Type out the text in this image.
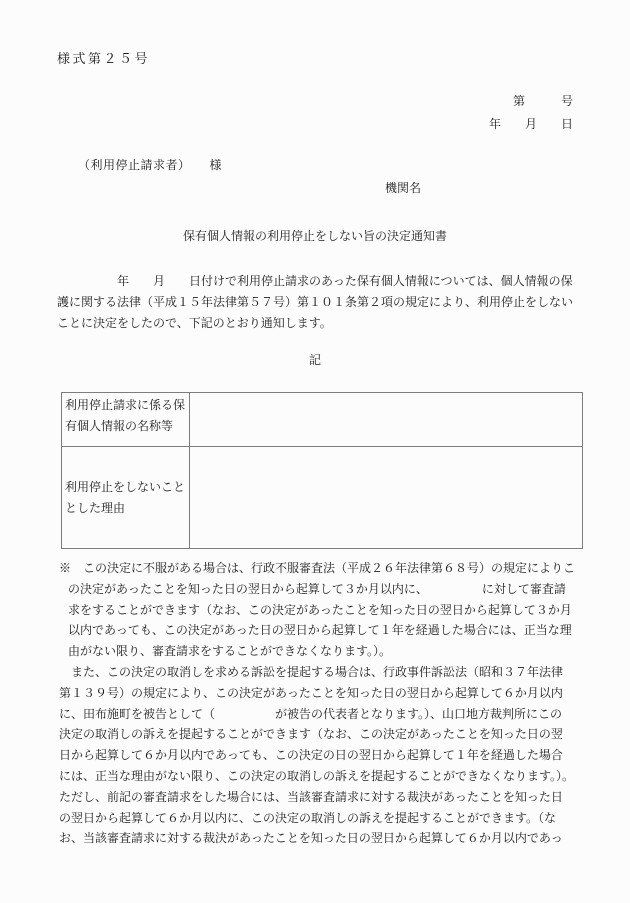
様式第２５号
第　　　号
年　　月　　日
（利用停止請求者）　　様
機関名
保有個人情報の利用停止をしない旨の決定通知書
　　　　　年　　月　　日付けで利用停止請求のあった保有個人情報については、個人情報の保
護に関する法律（平成１５年法律第５７号）第１０１条第２項の規定により、利用停止をしない
ことに決定をしたので、下記のとおり通知します。
記
利用停止請求に係る保有個人情報の名称等	
利用停止をしないこととした理由	
※　この決定に不服がある場合は、行政不服審査法（平成２６年法律第６８号）の規定によりこ
の決定があったことを知った日の翌日から起算して３か月以内に、　　　　　に対して審査請
求をすることができます（なお、この決定があったことを知った日の翌日から起算して３か月
以内であっても、この決定があった日の翌日から起算して１年を経過した場合には、正当な理
由がない限り、審査請求をすることができなくなります。）。
　また、この決定の取消しを求める訴訟を提起する場合は、行政事件訴訟法（昭和３７年法律
第１３９号）の規定により、この決定があったことを知った日の翌日から起算して６か月以内
に、田布施町を被告として（　　　　　が被告の代表者となります。）、山口地方裁判所にこの
決定の取消しの訴えを提起することができます（なお、この決定があったことを知った日の翌
日から起算して６か月以内であっても、この決定の日の翌日から起算して１年を経過した場合
には、正当な理由がない限り、この決定の取消しの訴えを提起することができなくなります。）。
ただし、前記の審査請求をした場合には、当該審査請求に対する裁決があったことを知った日
の翌日から起算して６か月以内に、この決定の取消しの訴えを提起することができます。（な
お、当該審査請求に対する裁決があったことを知った日の翌日から起算して６か月以内であっ
